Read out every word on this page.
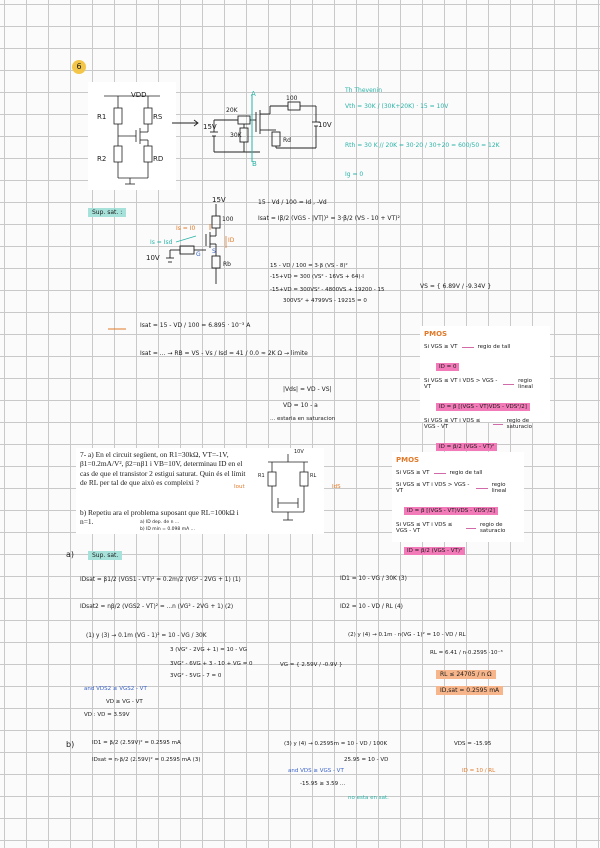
6
VDD
R1	RS
R2	RD
15V
20K
30K
100
Rd
10V
A
B
Th Thevenin
Vth = 30K / (30K+20K) · 15 = 10V
Rth = 30 K // 20K = 30·20 / 30+20 = 600/50 = 12K
Ig = 0
Sup. sat. :
15V
100
Is = I0
Is = Isd
10V
Rb
ID
S
G
15 - Vd / 100 = Id , -Vd
Isat = Iβ/2 (VGS - |VT|)² = 3·β/2 (VS - 10 + VT)²
15 - VD / 100 = 3·β (VS - 8)²
-15+VD = 300 (VS² - 16VS + 64)·I
-15+VD = 300VS² - 4800VS + 19200 - 15
300VS² + 4799VS - 19215 = 0
VS = { 6.89V / -9.34V }
Isat = 15 - VD / 100 = 6.895 · 10⁻³ A
Isat = ... → RB = VS - Vs / Isd = 41 / 0.0 ≈ 2K Ω → limite
|Vds| = VD - VS|
VD = 10 - a
... estaria en saturacion
PMOS
Si VGS ≥ VT	regio de tall
ID = 0
Si VGS ≤ VT i VDS > VGS - VT
regio lineal
ID = β [(VGS - VT)VDS - VDS²/2]
Si VGS ≤ VT i VDS ≤ VGS - VT
regio de saturacio
ID = β/2 (VGS - VT)²
7- a) En el circuit següent, on R1=30kΩ, VT=-1V, β1=0.2mA/V², β2=nβ1 i VB=10V, determinau ID en el cas de que el transistor 2 estigui saturat. Quin és el límit de RL per tal de que això es compleixi ?
b) Repetiu ara el problema suposant que RL=100kΩ i n=1.	a) ID dep. de n ...
b) ID mín = 0.098 mA ...
10V
R1	RL
Iout	IdS
PMOS
Si VGS ≥ VT	regio de tall
Si VGS ≤ VT i VDS > VGS - VT
regio lineal
ID = β [(VGS - VT)VDS - VDS²/2]
Si VGS ≤ VT i VDS ≤ VGS - VT
regio de saturacio
ID = β/2 (VGS - VT)²
a)	Sup. sat.
IDsat = β1/2 (VGS1 - VT)² = 0.2m/2 (VG² - 2VG + 1) (1)
IDsat2 = nβ/2 (VGS2 - VT)² = ...n (VG² - 2VG + 1) (2)
(1) y (3) → 0.1m (VG - 1)² = 10 - VG / 30K
3 (VG² - 2VG + 1) = 10 - VG
3VG² - 6VG + 3 - 10 + VG = 0
3VG² - 5VG - 7 = 0
VG = { 2.59V / -0.9V }
and VDS2 ≥ VGS2 - VT
VD ≥ VG - VT
VD : VD = 3.59V
ID1 = 10 - VG / 30K (3)
ID2 = 10 - VD / RL (4)
(2) y (4) → 0.1m · n(VG - 1)² = 10 - VD / RL
RL = 6.41 / n·0.2595 ·10⁻³
RL ≤ 24705 / n Ω
ID,sat = 0.2595 mA
b)	ID1 = β/2 (2.59V)² = 0.2595 mA
IDsat = n·β/2 (2.59V)² = 0.2595 mA (3)
(3) y (4) → 0.2595m = 10 - VD / 100K
25.95 = 10 - VD
and VDS ≥ VGS - VT
-15.95 ≥ 3.59 ...
no esta en sat.
VDS = -15.95
ID = 10 / RL
